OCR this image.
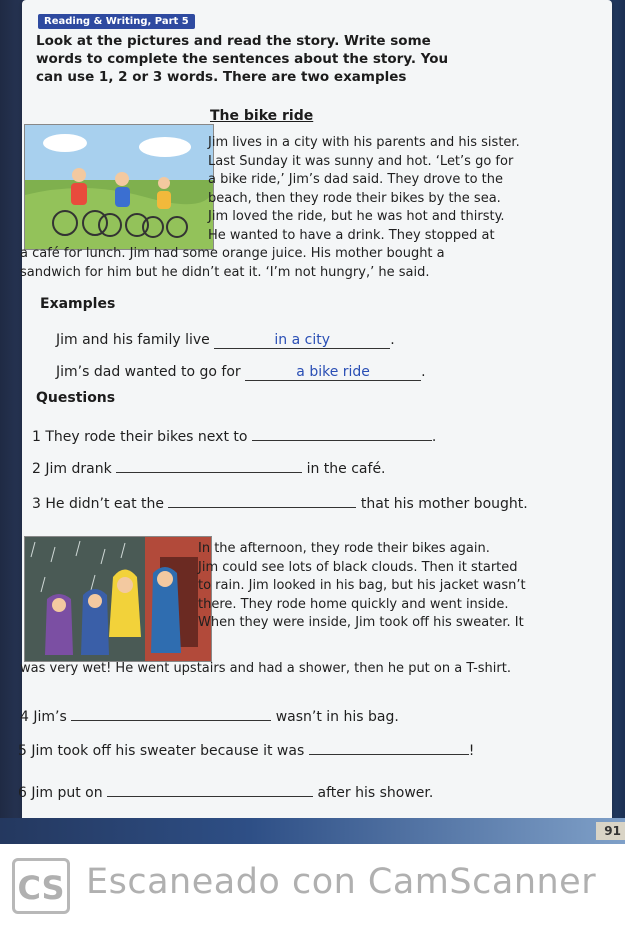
Reading & Writing, Part 5
Look at the pictures and read the story. Write some words to complete the sentences about the story. You can use 1, 2 or 3 words. There are two examples
The bike ride

Jim lives in a city with his parents and his sister.

Last Sunday it was sunny and hot. ‘Let’s go for

a bike ride,’ Jim’s dad said. They drove to the

beach, then they rode their bikes by the sea.

Jim loved the ride, but he was hot and thirsty.

He wanted to have a drink. They stopped at

a café for lunch. Jim had some orange juice. His mother bought a

sandwich for him but he didn’t eat it. ‘I’m not hungry,’ he said.

Examples
Jim and his family live	in a city	.
Jim’s dad wanted to go for	a bike ride	.
Questions
1 They rode their bikes next to	.
2 Jim drank	in the café.
3 He didn’t eat the	that his mother bought.

In the afternoon, they rode their bikes again.

Jim could see lots of black clouds. Then it started

to rain. Jim looked in his bag, but his jacket wasn’t

there. They rode home quickly and went inside.

When they were inside, Jim took off his sweater. It

was very wet! He went upstairs and had a shower, then he put on a T-shirt.

4 Jim’s	wasn’t in his bag.
5 Jim took off his sweater because it was	!
6 Jim put on	after his shower.
91
CS Escaneado con CamScanner
